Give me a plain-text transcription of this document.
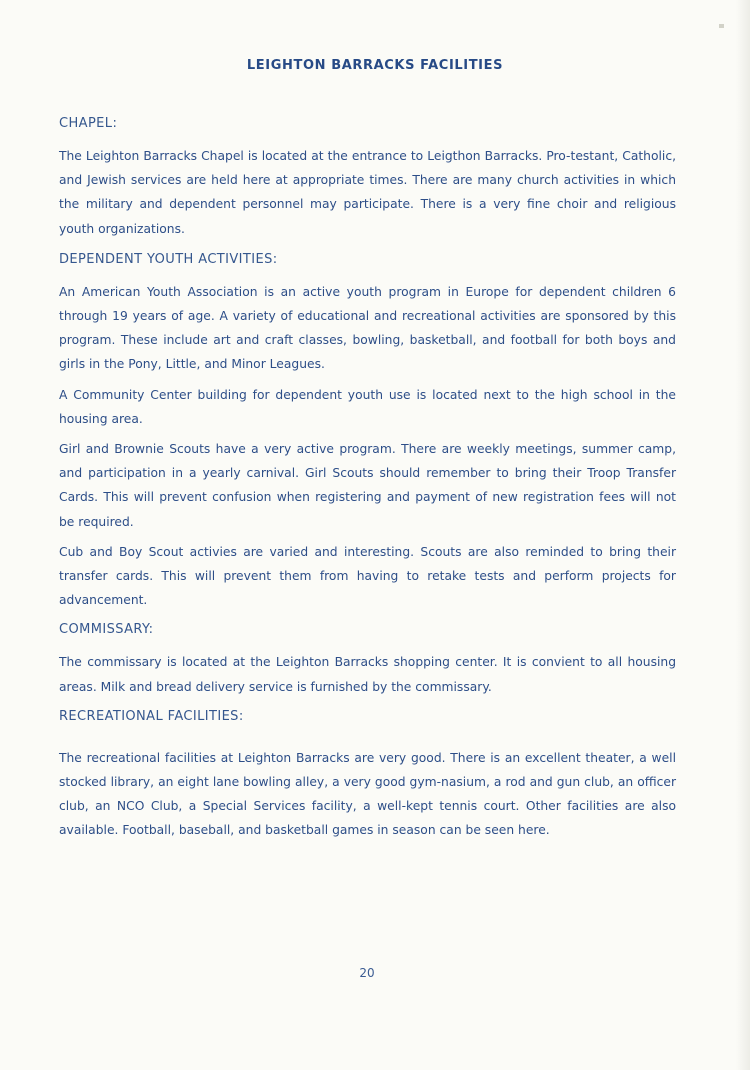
LEIGHTON BARRACKS FACILITIES
CHAPEL:

The Leighton Barracks Chapel is located at the entrance to Leigthon Barracks. Pro-testant, Catholic, and Jewish services are held here at appropriate times. There are many church activities in which the military and dependent personnel may participate. There is a very fine choir and religious youth organizations.

DEPENDENT YOUTH ACTIVITIES:

An American Youth Association is an active youth program in Europe for dependent children 6 through 19 years of age. A variety of educational and recreational activities are sponsored by this program. These include art and craft classes, bowling, basketball, and football for both boys and girls in the Pony, Little, and Minor Leagues.

A Community Center building for dependent youth use is located next to the high school in the housing area.

Girl and Brownie Scouts have a very active program. There are weekly meetings, summer camp, and participation in a yearly carnival. Girl Scouts should remember to bring their Troop Transfer Cards. This will prevent confusion when registering and payment of new registration fees will not be required.

Cub and Boy Scout activies are varied and interesting. Scouts are also reminded to bring their transfer cards. This will prevent them from having to retake tests and perform projects for advancement.

COMMISSARY:

The commissary is located at the Leighton Barracks shopping center. It is convient to all housing areas. Milk and bread delivery service is furnished by the commissary.

RECREATIONAL FACILITIES:

The recreational facilities at Leighton Barracks are very good. There is an excellent theater, a well stocked library, an eight lane bowling alley, a very good gym-nasium, a rod and gun club, an officer club, an NCO Club, a Special Services facility, a well-kept tennis court. Other facilities are also available. Football, baseball, and basketball games in season can be seen here.

20
